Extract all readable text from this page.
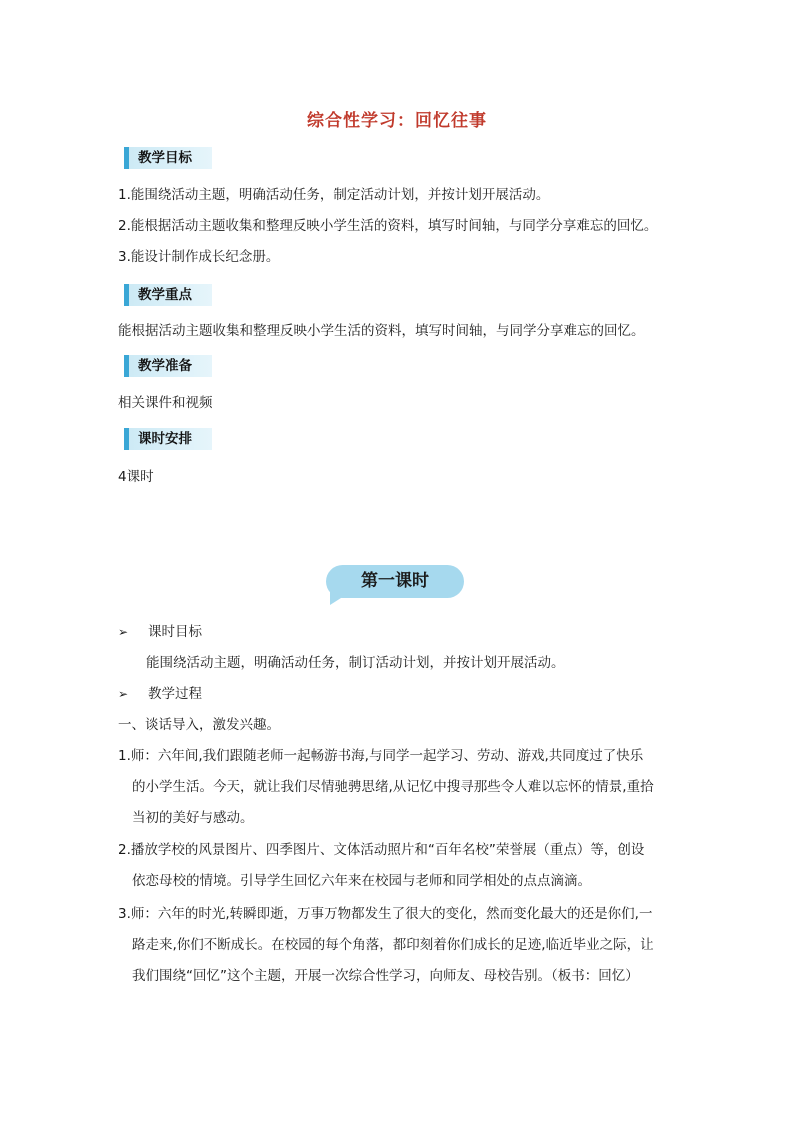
综合性学习：回忆往事
教学目标
1.能围绕活动主题，明确活动任务，制定活动计划，并按计划开展活动。
2.能根据活动主题收集和整理反映小学生活的资料，填写时间轴，与同学分享难忘的回忆。
3.能设计制作成长纪念册。
教学重点
能根据活动主题收集和整理反映小学生活的资料，填写时间轴，与同学分享难忘的回忆。
教学准备
相关课件和视频
课时安排
4课时
第一课时
➢ 课时目标
能围绕活动主题，明确活动任务，制订活动计划，并按计划开展活动。
➢ 教学过程
一、谈话导入，激发兴趣。
1.师：六年间,我们跟随老师一起畅游书海,与同学一起学习、劳动、游戏,共同度过了快乐
的小学生活。今天，就让我们尽情驰骋思绪,从记忆中搜寻那些令人难以忘怀的情景,重拾
当初的美好与感动。
2.播放学校的风景图片、四季图片、文体活动照片和“百年名校”荣誉展（重点）等，创设
依恋母校的情境。引导学生回忆六年来在校园与老师和同学相处的点点滴滴。
3.师：六年的时光,转瞬即逝，万事万物都发生了很大的变化，然而变化最大的还是你们,一
路走来,你们不断成长。在校园的每个角落，都印刻着你们成长的足迹,临近毕业之际，让
我们围绕“回忆”这个主题，开展一次综合性学习，向师友、母校告别。（板书：回忆）
